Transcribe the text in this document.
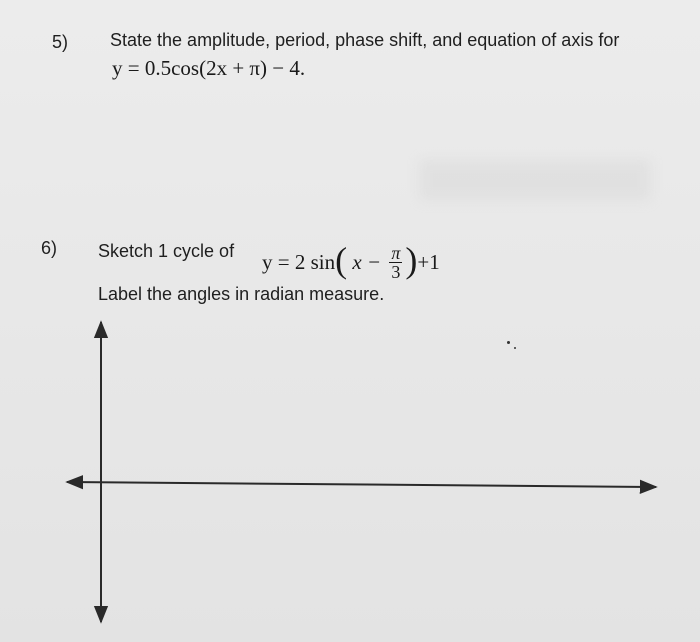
5) State the amplitude, period, phase shift, and equation of axis for
y = 0.5cos(2x + π) − 4.
6) Sketch 1 cycle of y = 2 sin( $x - \frac{\pi}{3} )+1$
Label the angles in radian measure.
